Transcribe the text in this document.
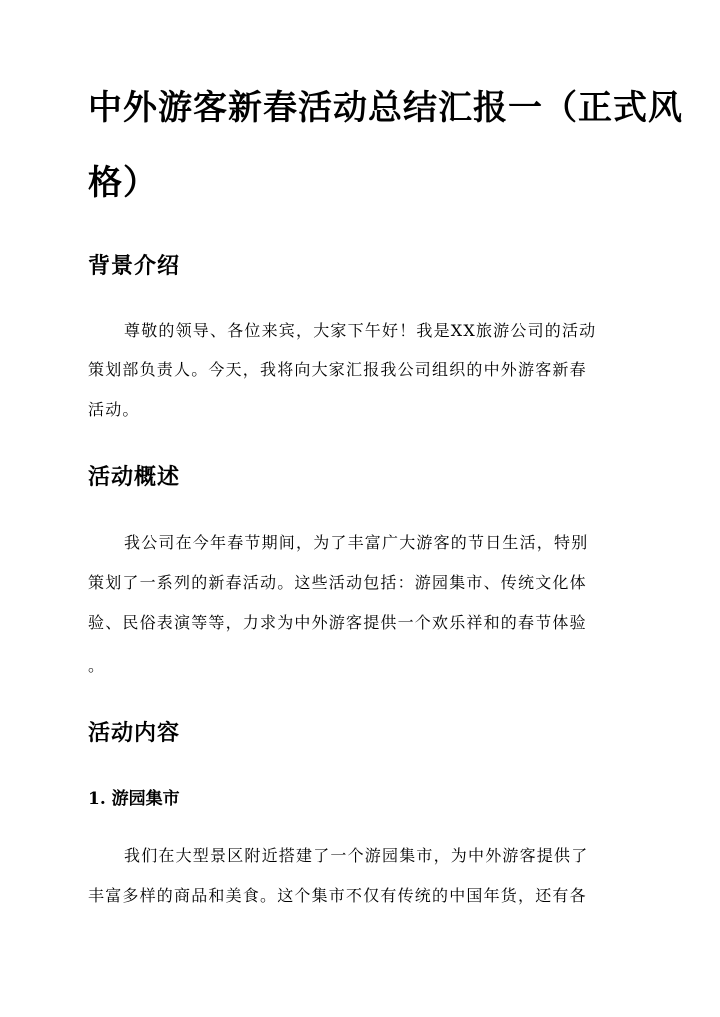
中外游客新春活动总结汇报一（正式风
格）
背景介绍

尊敬的领导、各位来宾，大家下午好！我是XX旅游公司的活动

策划部负责人。今天，我将向大家汇报我公司组织的中外游客新春

活动。

活动概述

我公司在今年春节期间，为了丰富广大游客的节日生活，特别

策划了一系列的新春活动。这些活动包括：游园集市、传统文化体

验、民俗表演等等，力求为中外游客提供一个欢乐祥和的春节体验

。

活动内容
1. 游园集市

我们在大型景区附近搭建了一个游园集市，为中外游客提供了

丰富多样的商品和美食。这个集市不仅有传统的中国年货，还有各
